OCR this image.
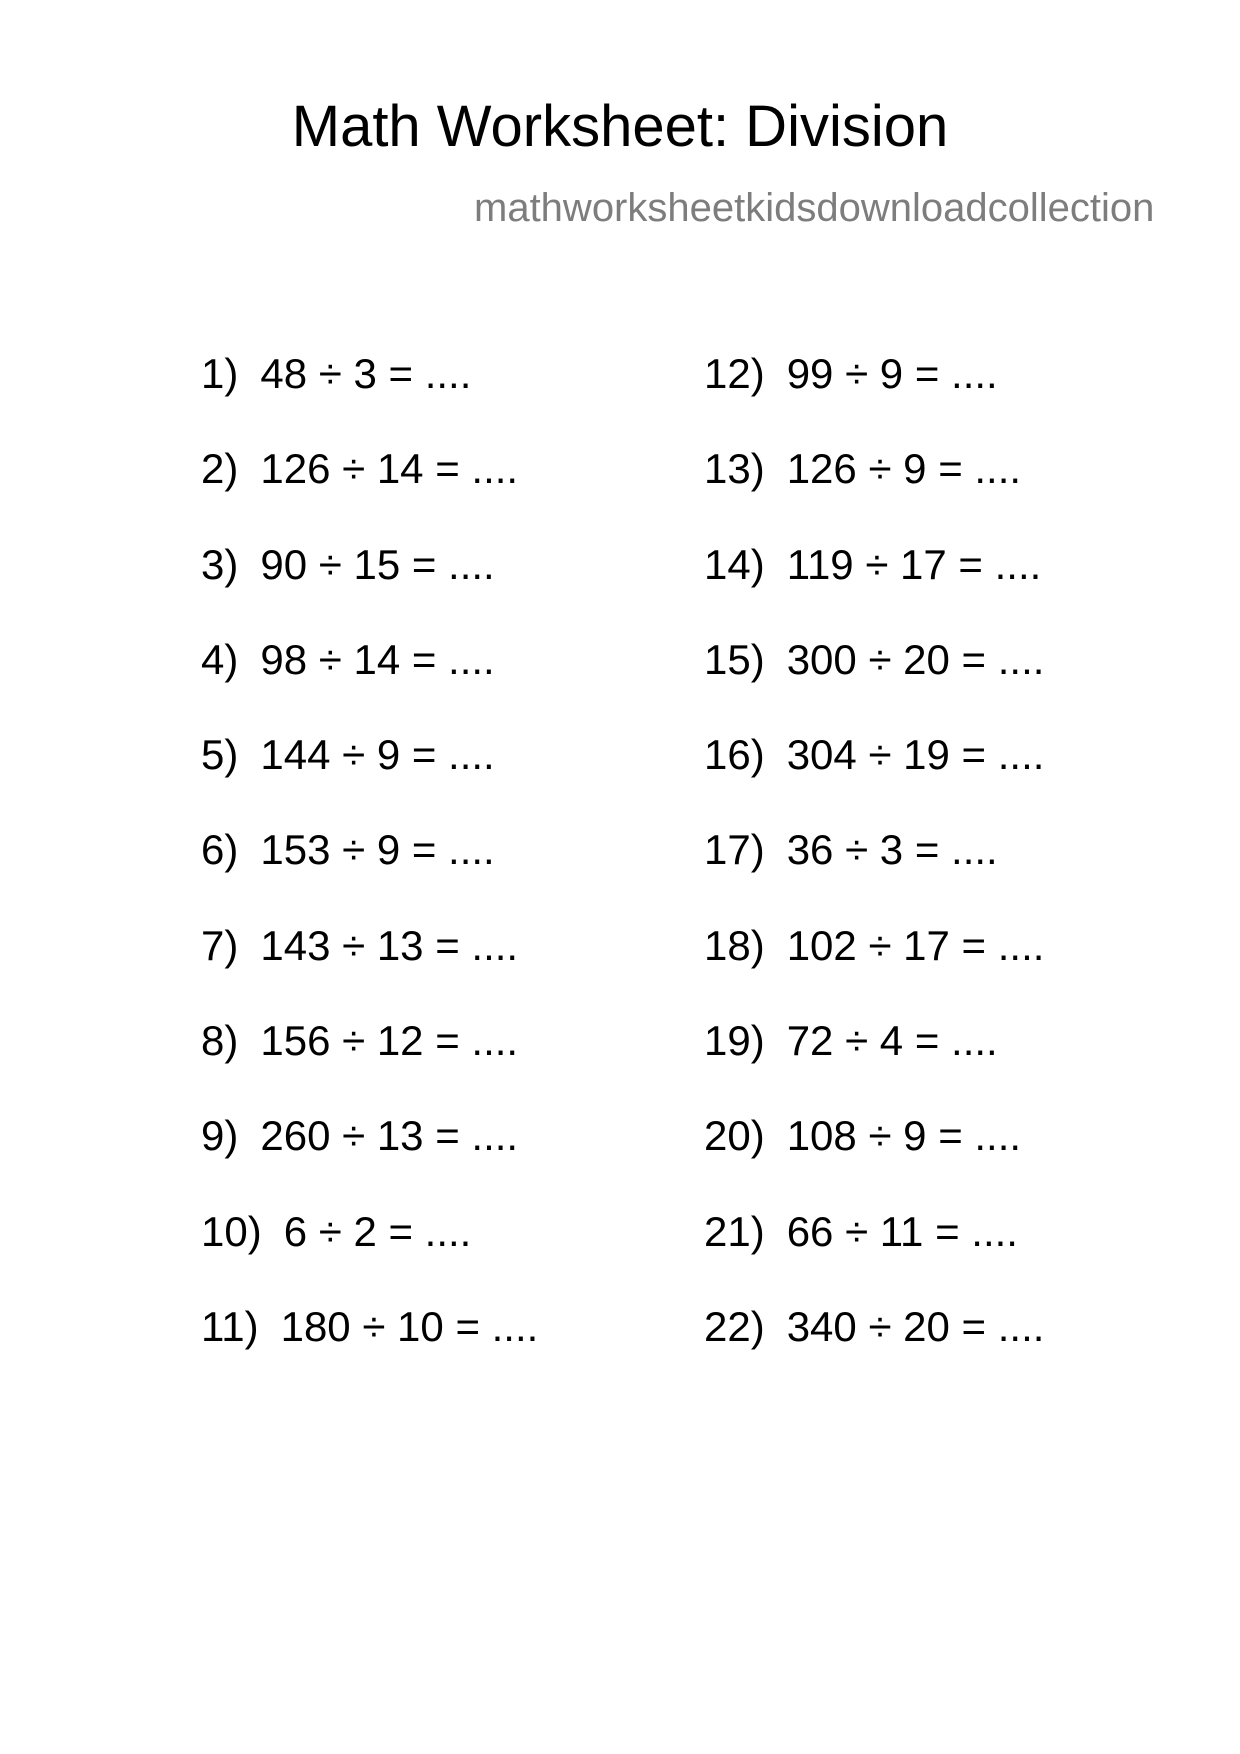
Math Worksheet: Division
mathworksheetkidsdownloadcollection
1) 48 ÷ 3 = ....
2) 126 ÷ 14 = ....
3) 90 ÷ 15 = ....
4) 98 ÷ 14 = ....
5) 144 ÷ 9 = ....
6) 153 ÷ 9 = ....
7) 143 ÷ 13 = ....
8) 156 ÷ 12 = ....
9) 260 ÷ 13 = ....
10) 6 ÷ 2 = ....
11) 180 ÷ 10 = ....
12) 99 ÷ 9 = ....
13) 126 ÷ 9 = ....
14) 119 ÷ 17 = ....
15) 300 ÷ 20 = ....
16) 304 ÷ 19 = ....
17) 36 ÷ 3 = ....
18) 102 ÷ 17 = ....
19) 72 ÷ 4 = ....
20) 108 ÷ 9 = ....
21) 66 ÷ 11 = ....
22) 340 ÷ 20 = ....
